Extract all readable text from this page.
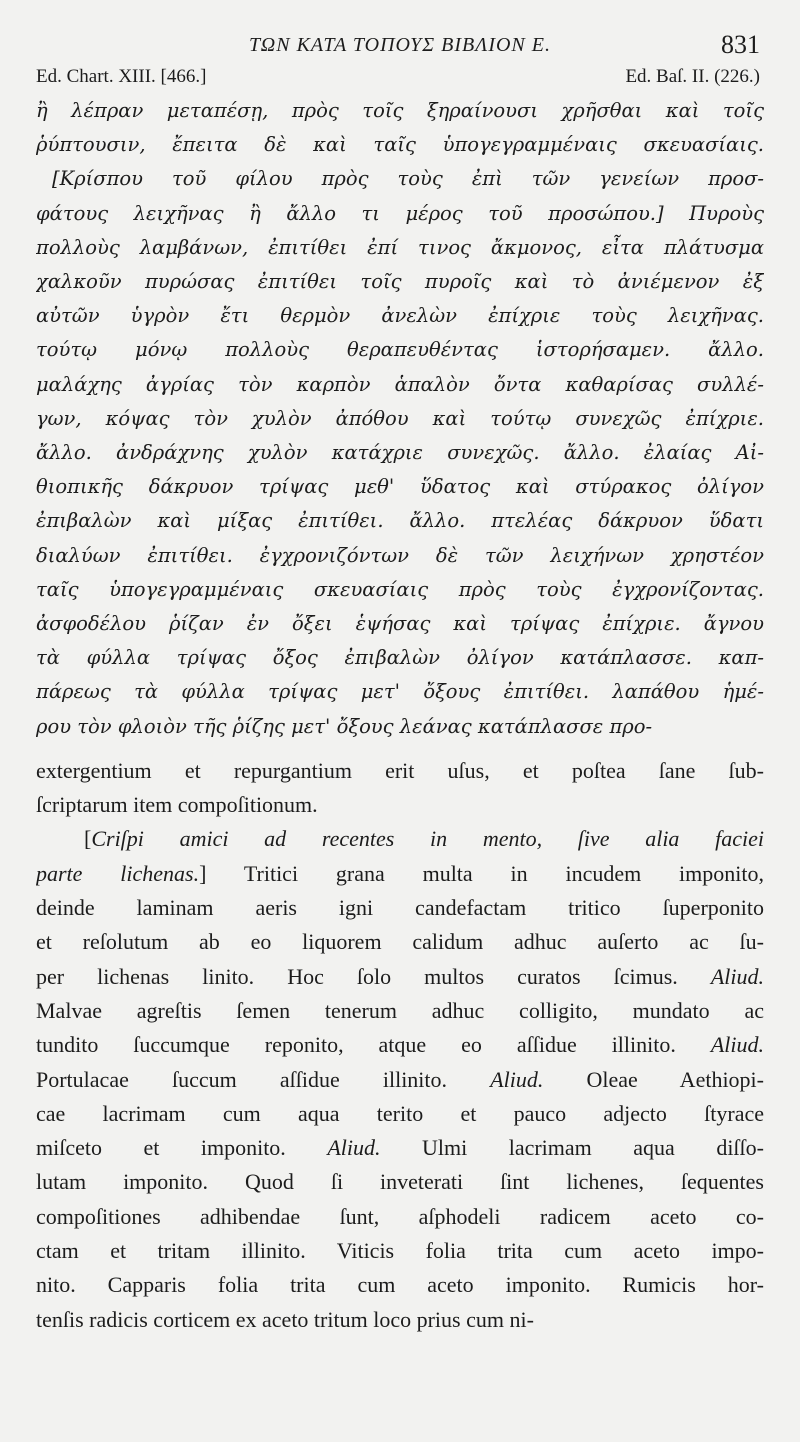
ΤΩΝ ΚΑΤΑ ΤΟΠΟΥΣ ΒΙΒΛΙΟΝ Ε.	831
Ed. Chart. XIII. [466.]	Ed. Baſ. II. (226.)
ἢ λέπραν μεταπέσῃ, πρὸς τοῖς ξηραίνουσι χρῆσθαι καὶ τοῖς
ῥύπτουσιν, ἔπειτα δὲ καὶ ταῖς ὑπογεγραμμέναις σκευασίαις.
[Κρίσπου τοῦ φίλου πρὸς τοὺς ἐπὶ τῶν γενείων προσ-
φάτους λειχῆνας ἢ ἄλλο τι μέρος τοῦ προσώπου.] Πυροὺς
πολλοὺς λαμβάνων, ἐπιτίθει ἐπί τινος ἄκμονος, εἶτα πλάτυσμα
χαλκοῦν πυρώσας ἐπιτίθει τοῖς πυροῖς καὶ τὸ ἀνιέμενον ἐξ
αὐτῶν ὑγρὸν ἔτι θερμὸν ἀνελὼν ἐπίχριε τοὺς λειχῆνας.
τούτῳ μόνῳ πολλοὺς θεραπευθέντας ἱστορήσαμεν. ἄλλο.
μαλάχης ἀγρίας τὸν καρπὸν ἁπαλὸν ὄντα καθαρίσας συλλέ-
γων, κόψας τὸν χυλὸν ἀπόθου καὶ τούτῳ συνεχῶς ἐπίχριε.
ἄλλο. ἀνδράχνης χυλὸν κατάχριε συνεχῶς. ἄλλο. ἐλαίας Αἰ-
θιοπικῆς δάκρυον τρίψας μεθ' ὕδατος καὶ στύρακος ὀλίγον
ἐπιβαλὼν καὶ μίξας ἐπιτίθει. ἄλλο. πτελέας δάκρυον ὕδατι
διαλύων ἐπιτίθει. ἐγχρονιζόντων δὲ τῶν λειχήνων χρηστέον
ταῖς ὑπογεγραμμέναις σκευασίαις πρὸς τοὺς ἐγχρονίζοντας.
ἀσφοδέλου ῥίζαν ἐν ὄξει ἑψήσας καὶ τρίψας ἐπίχριε. ἄγνου
τὰ φύλλα τρίψας ὄξος ἐπιβαλὼν ὀλίγον κατάπλασσε. καπ-
πάρεως τὰ φύλλα τρίψας μετ' ὄξους ἐπιτίθει. λαπάθου ἡμέ-
ρου τὸν φλοιὸν τῆς ῥίζης μετ' ὄξους λεάνας κατάπλασσε προ-
extergentium et repurgantium erit uſus, et poſtea ſane ſub-
ſcriptarum item compoſitionum.
[Criſpi amici ad recentes in mento, ſive alia faciei
parte lichenas.] Tritici grana multa in incudem imponito,
deinde laminam aeris igni candefactam tritico ſuperponito
et reſolutum ab eo liquorem calidum adhuc auſerto ac ſu-
per lichenas linito. Hoc ſolo multos curatos ſcimus. Aliud.
Malvae agreſtis ſemen tenerum adhuc colligito, mundato ac
tundito ſuccumque reponito, atque eo aſſidue illinito. Aliud.
Portulacae ſuccum aſſidue illinito. Aliud. Oleae Aethiopi-
cae lacrimam cum aqua terito et pauco adjecto ſtyrace
miſceto et imponito. Aliud. Ulmi lacrimam aqua diſſo-
lutam imponito. Quod ſi inveterati ſint lichenes, ſequentes
compoſitiones adhibendae ſunt, aſphodeli radicem aceto co-
ctam et tritam illinito. Viticis folia trita cum aceto impo-
nito. Capparis folia trita cum aceto imponito. Rumicis hor-
tenſis radicis corticem ex aceto tritum loco prius cum ni-
